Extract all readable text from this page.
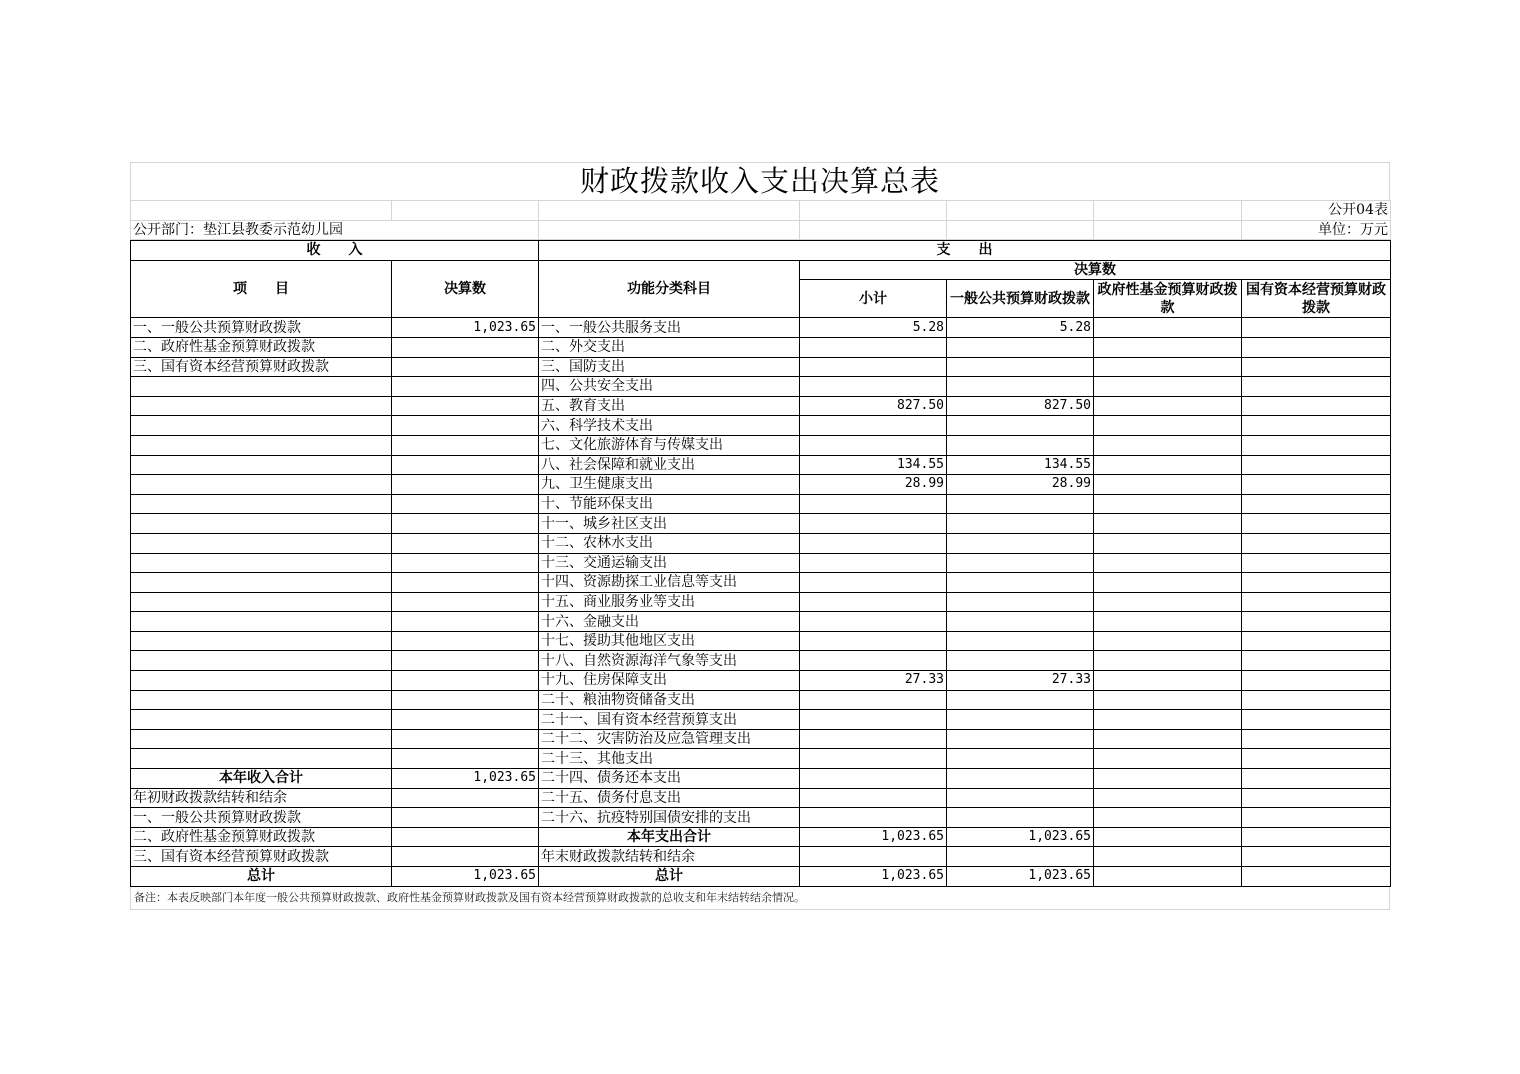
财政拨款收入支出决算总表
						公开04表
公开部门：垫江县教委示范幼儿园						单位：万元
收　　入		支　　出				
项　　目	决算数	功能分类科目	决算数			
			小计	一般公共预算财政拨款	政府性基金预算财政拨款	国有资本经营预算财政拨款

一、一般公共预算财政拨款	1,023.65	一、一般公共服务支出	5.28	5.28		
二、政府性基金预算财政拨款		二、外交支出				
三、国有资本经营预算财政拨款		三、国防支出				
		四、公共安全支出				
		五、教育支出	827.50	827.50		
		六、科学技术支出				
		七、文化旅游体育与传媒支出				
		八、社会保障和就业支出	134.55	134.55		
		九、卫生健康支出	28.99	28.99		
		十、节能环保支出				
		十一、城乡社区支出				
		十二、农林水支出				
		十三、交通运输支出				
		十四、资源勘探工业信息等支出				
		十五、商业服务业等支出				
		十六、金融支出				
		十七、援助其他地区支出				
		十八、自然资源海洋气象等支出				
		十九、住房保障支出	27.33	27.33		
		二十、粮油物资储备支出				
		二十一、国有资本经营预算支出				
		二十二、灾害防治及应急管理支出				
		二十三、其他支出				
本年收入合计	1,023.65	二十四、债务还本支出				
年初财政拨款结转和结余		二十五、债务付息支出				
一、一般公共预算财政拨款		二十六、抗疫特别国债安排的支出				
二、政府性基金预算财政拨款		本年支出合计	1,023.65	1,023.65		
三、国有资本经营预算财政拨款		年末财政拨款结转和结余				
总计	1,023.65	总计	1,023.65	1,023.65		
备注：本表反映部门本年度一般公共预算财政拨款、政府性基金预算财政拨款及国有资本经营预算财政拨款的总收支和年末结转结余情况。
